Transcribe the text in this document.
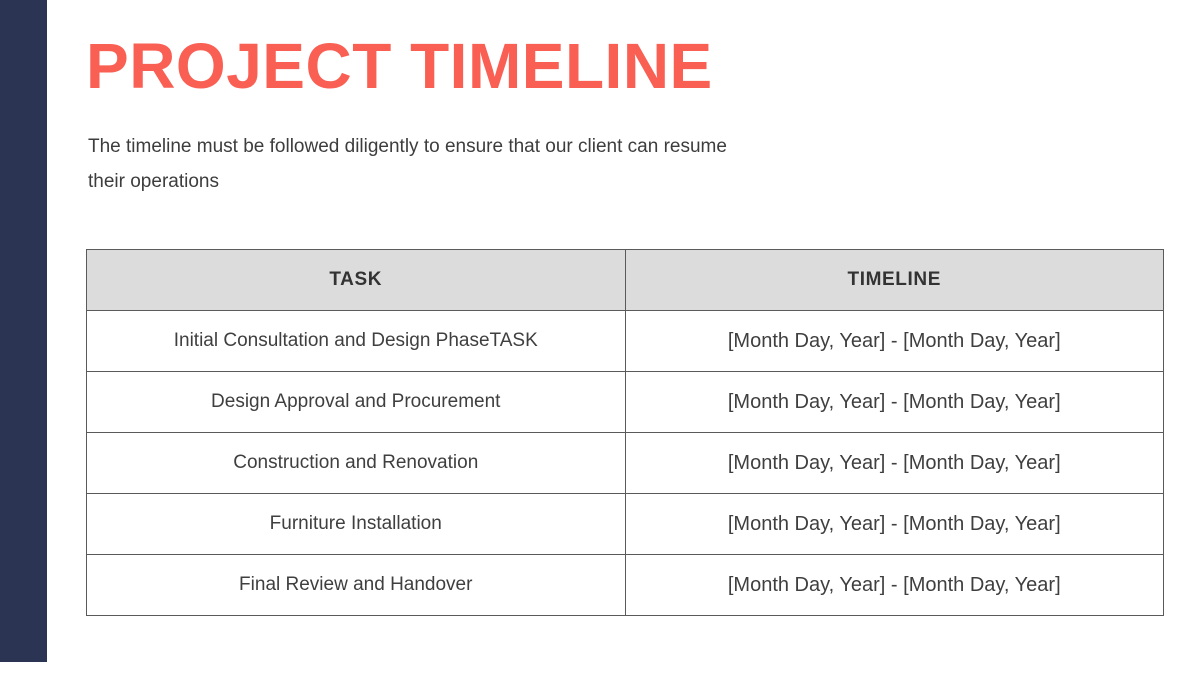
PROJECT TIMELINE
The timeline must be followed diligently to ensure that our client can resume
their operations
TASK	TIMELINE
Initial Consultation and Design PhaseTASK	[Month Day, Year] - [Month Day, Year]
Design Approval and Procurement	[Month Day, Year] - [Month Day, Year]
Construction and Renovation	[Month Day, Year] - [Month Day, Year]
Furniture Installation	[Month Day, Year] - [Month Day, Year]
Final Review and Handover	[Month Day, Year] - [Month Day, Year]
